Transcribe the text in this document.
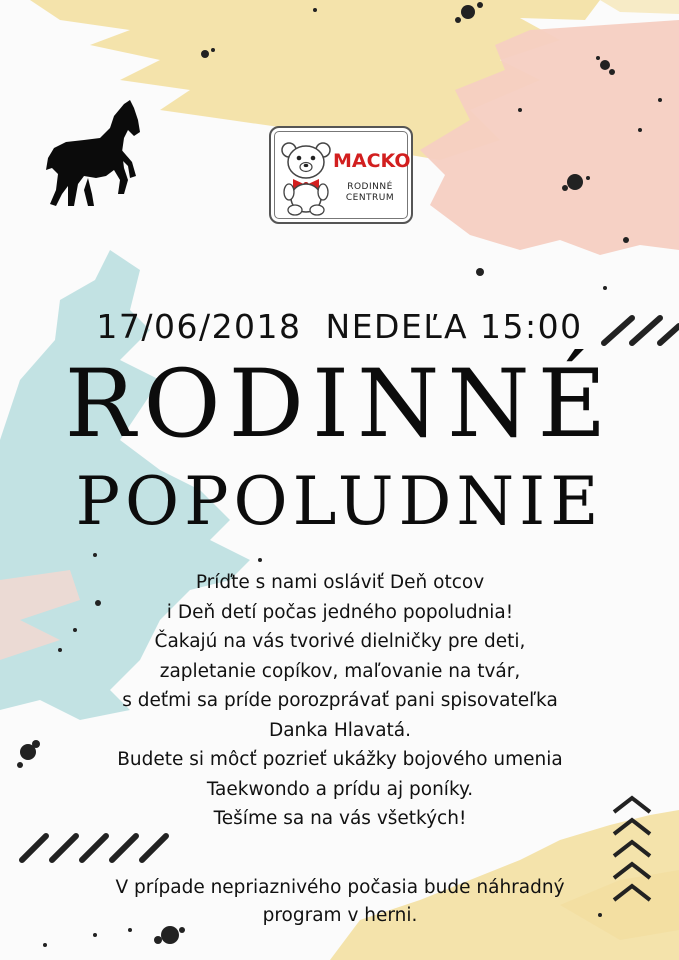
MACKO
RODINNÉ
CENTRUM
17/06/2018  NEDEĽA 15:00
RODINNÉ
POPOLUDNIE
Príďte s nami osláviť Deň otcov
i Deň detí počas jedného popoludnia!
Čakajú na vás tvorivé dielničky pre deti,
zapletanie copíkov, maľovanie na tvár,
s deťmi sa príde porozprávať pani spisovateľka
Danka Hlavatá.
Budete si môcť pozrieť ukážky bojového umenia
Taekwondo a prídu aj poníky.
Tešíme sa na vás všetkých!
V prípade nepriaznivého počasia bude náhradný
program v herni.
